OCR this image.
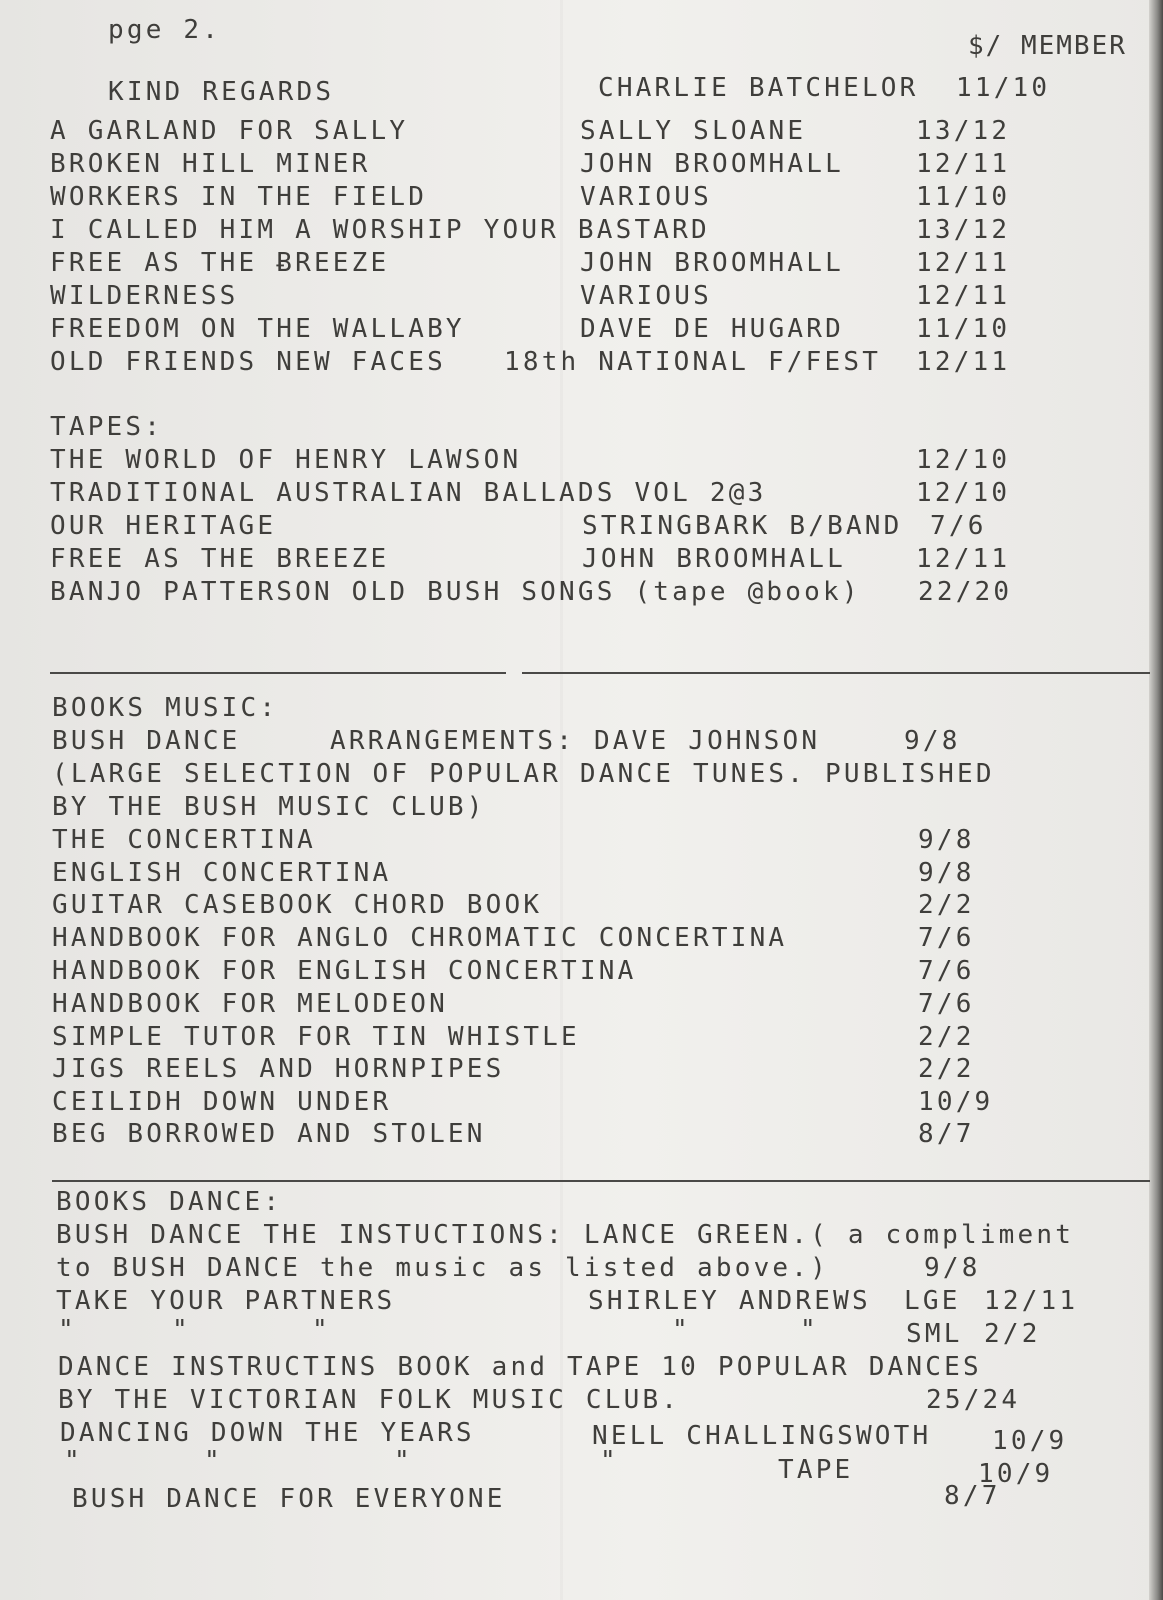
pge 2.
$/ MEMBER
KIND REGARDS	CHARLIE BATCHELOR 11/10
A GARLAND FOR SALLY	SALLY SLOANE	13/12
BROKEN HILL MINER	JOHN BROOMHALL	12/11
WORKERS IN THE FIELD	VARIOUS	11/10
I CALLED HIM A WORSHIP YOUR BASTARD	13/12
FREE AS THE ɃREEZE	JOHN BROOMHALL	12/11
WILDERNESS	VARIOUS	12/11
FREEDOM ON THE WALLABY	DAVE DE HUGARD	11/10
OLD FRIENDS NEW FACES 18th NATIONAL F/FEST 12/11
TAPES:
THE WORLD OF HENRY LAWSON	12/10
TRADITIONAL AUSTRALIAN BALLADS VOL 2@3	12/10
OUR HERITAGE	STRINGBARK B/BAND 7/6
FREE AS THE BREEZE	JOHN BROOMHALL	12/11
BANJO PATTERSON OLD BUSH SONGS (tape @book) 22/20
BOOKS MUSIC:
BUSH DANCE	ARRANGEMENTS: DAVE JOHNSON	9/8
(LARGE SELECTION OF POPULAR DANCE TUNES. PUBLISHED
BY THE BUSH MUSIC CLUB)
THE CONCERTINA	9/8
ENGLISH CONCERTINA	9/8
GUITAR CASEBOOK CHORD BOOK	2/2
HANDBOOK FOR ANGLO CHROMATIC CONCERTINA	7/6
HANDBOOK FOR ENGLISH CONCERTINA	7/6
HANDBOOK FOR MELODEON	7/6
SIMPLE TUTOR FOR TIN WHISTLE	2/2
JIGS REELS AND HORNPIPES	2/2
CEILIDH DOWN UNDER	10/9
BEG BORROWED AND STOLEN	8/7
BOOKS DANCE:
BUSH DANCE THE INSTUCTIONS: LANCE GREEN.( a compliment
to BUSH DANCE the music as listed above.)	9/8
TAKE YOUR PARTNERS	SHIRLEY ANDREWS LGE 12/11
"	"	"	"	"	SML 2/2
DANCE INSTRUCTINS BOOK and TAPE 10 POPULAR DANCES
BY THE VICTORIAN FOLK MUSIC CLUB.	25/24
DANCING DOWN THE YEARS	NELL CHALLINGSWOTH 10/9
"	"	"	"	TAPE	10/9
BUSH DANCE FOR EVERYONE	8/7
